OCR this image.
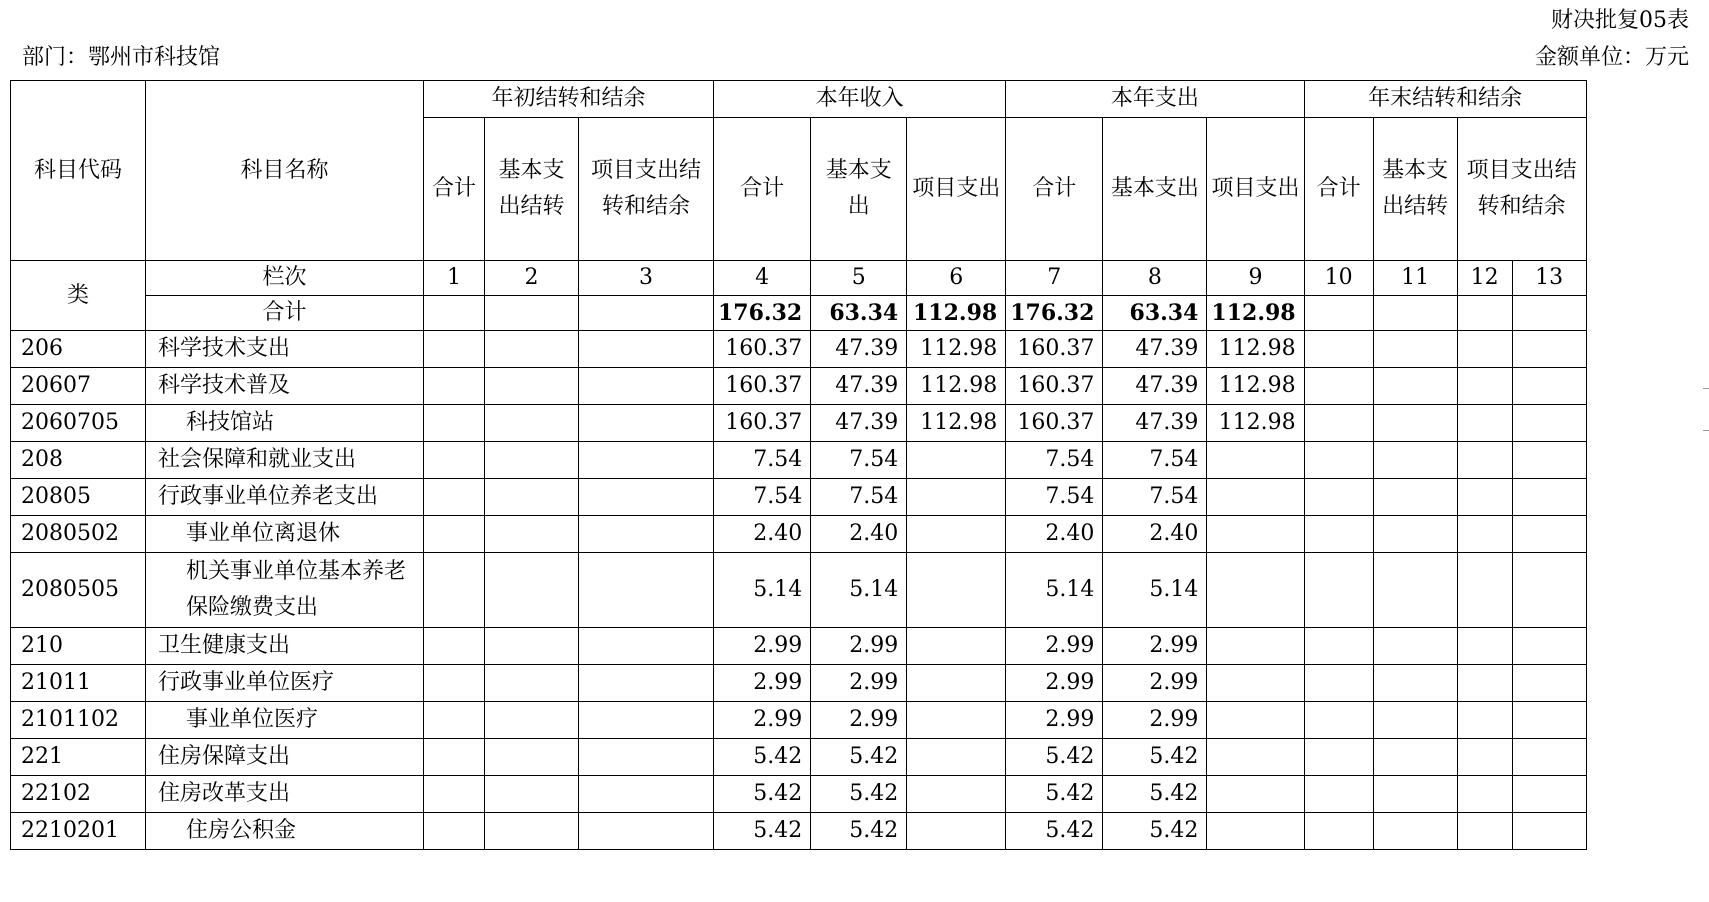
财决批复05表
部门：鄂州市科技馆	金额单位：万元
科目代码	科目名称	年初结转和结余			本年收入			本年支出			年末结转和结余			
		合计	基本支出结转	项目支出结转和结余	合计	基本支出	项目支出	合计	基本支出	项目支出	合计	基本支出结转	项目支出结转和结余	
类	栏次	1	2	3	4	5	6	7	8	9	10	11	12	13
	合计				176.32	63.34	112.98	176.32	63.34	112.98				
206	科学技术支出				160.37	47.39	112.98	160.37	47.39	112.98				
20607	科学技术普及				160.37	47.39	112.98	160.37	47.39	112.98				
2060705	科技馆站				160.37	47.39	112.98	160.37	47.39	112.98				
208	社会保障和就业支出				7.54	7.54		7.54	7.54					
20805	行政事业单位养老支出				7.54	7.54		7.54	7.54					
2080502	事业单位离退休				2.40	2.40		2.40	2.40					
2080505	机关事业单位基本养老保险缴费支出				5.14	5.14		5.14	5.14					
210	卫生健康支出				2.99	2.99		2.99	2.99					
21011	行政事业单位医疗				2.99	2.99		2.99	2.99					
2101102	事业单位医疗				2.99	2.99		2.99	2.99					
221	住房保障支出				5.42	5.42		5.42	5.42					
22102	住房改革支出				5.42	5.42		5.42	5.42					
2210201	住房公积金				5.42	5.42		5.42	5.42					
